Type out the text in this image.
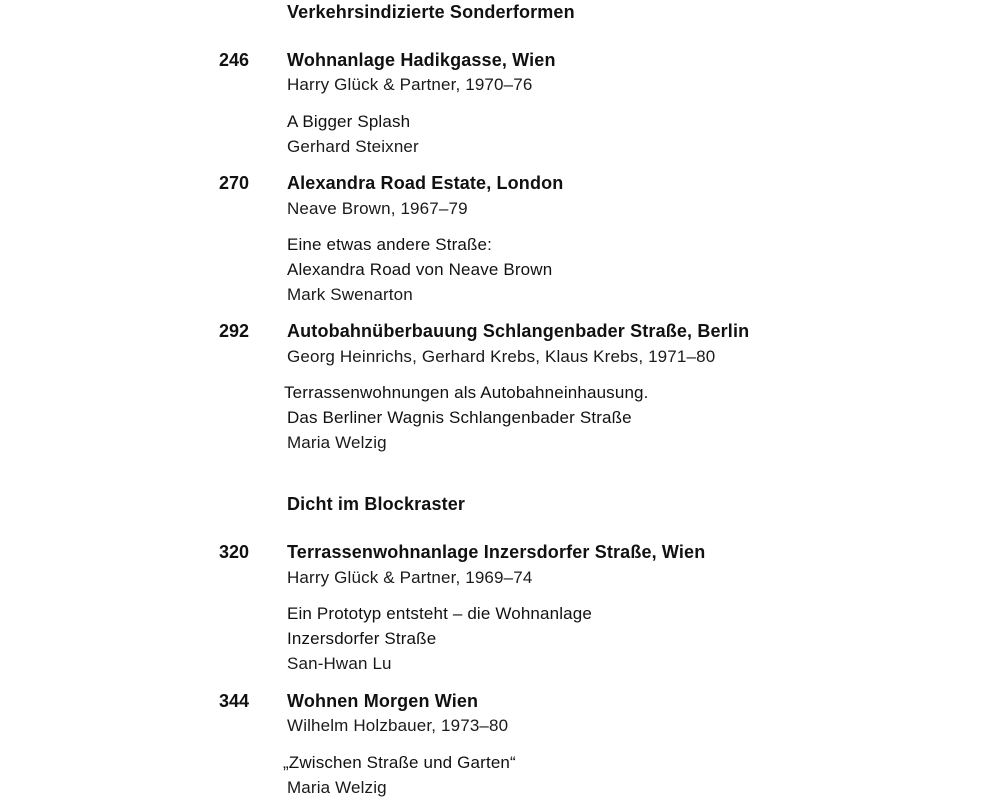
Verkehrsindizierte Sonderformen
246 Wohnanlage Hadikgasse, Wien
Harry Glück & Partner, 1970–76
A Bigger Splash
Gerhard Steixner
270 Alexandra Road Estate, London
Neave Brown, 1967–79
Eine etwas andere Straße:
Alexandra Road von Neave Brown
Mark Swenarton
292 Autobahnüberbauung Schlangenbader Straße, Berlin
Georg Heinrichs, Gerhard Krebs, Klaus Krebs, 1971–80
Terrassenwohnungen als Autobahneinhausung.
Das Berliner Wagnis Schlangenbader Straße
Maria Welzig
Dicht im Blockraster
320 Terrassenwohnanlage Inzersdorfer Straße, Wien
Harry Glück & Partner, 1969–74
Ein Prototyp entsteht – die Wohnanlage
Inzersdorfer Straße
San-Hwan Lu
344 Wohnen Morgen Wien
Wilhelm Holzbauer, 1973–80
„Zwischen Straße und Garten“
Maria Welzig
